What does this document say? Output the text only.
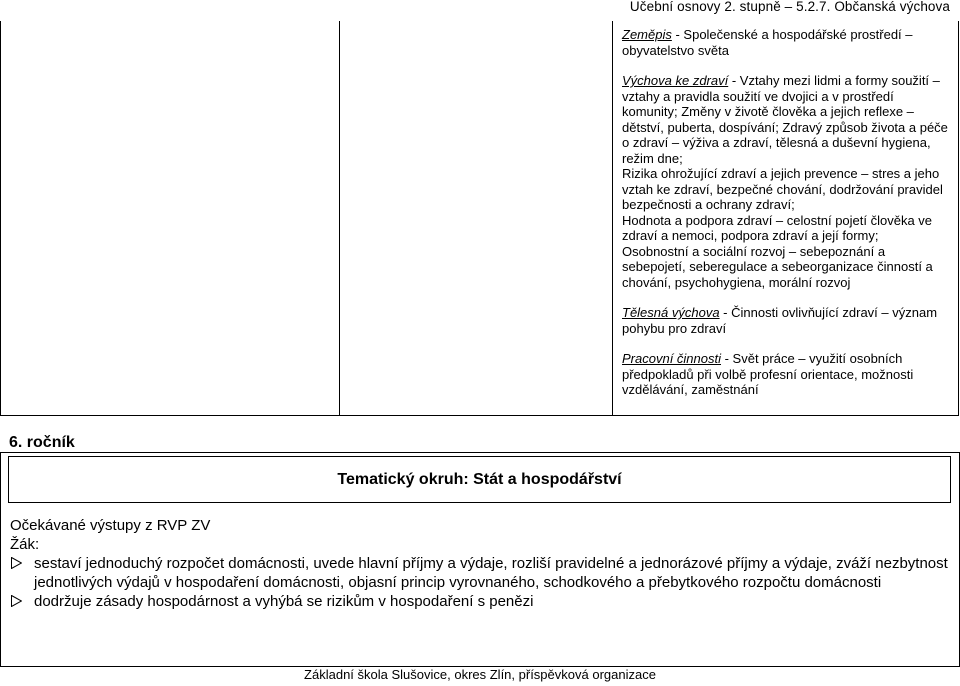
Učební osnovy 2. stupně – 5.2.7. Občanská výchova

Zeměpis - Společenské a hospodářské prostředí – obyvatelstvo světa

Výchova ke zdraví - Vztahy mezi lidmi a formy soužití – vztahy a pravidla soužití ve dvojici a v prostředí komunity; Změny v životě člověka a jejich reflexe – dětství, puberta, dospívání; Zdravý způsob života a péče o zdraví – výživa a zdraví, tělesná a duševní hygiena, režim dne;

Rizika ohrožující zdraví a jejich prevence – stres a jeho vztah ke zdraví, bezpečné chování, dodržování pravidel bezpečnosti a ochrany zdraví;

Hodnota a podpora zdraví – celostní pojetí člověka ve zdraví a nemoci, podpora zdraví a její formy;

Osobnostní a sociální rozvoj – sebepoznání a sebepojetí, seberegulace a sebeorganizace činností a chování, psychohygiena, morální rozvoj

Tělesná výchova - Činnosti ovlivňující zdraví – význam pohybu pro zdraví

Pracovní činnosti - Svět práce – využití osobních předpokladů při volbě profesní orientace, možnosti vzdělávání, zaměstnání

6. ročník
Tematický okruh: Stát a hospodářství

Očekávané výstupy z RVP ZV

Žák:

sestaví jednoduchý rozpočet domácnosti, uvede hlavní příjmy a výdaje, rozliší pravidelné a jednorázové příjmy a výdaje, zváží nezbytnost jednotlivých výdajů v hospodaření domácnosti, objasní princip vyrovnaného, schodkového a přebytkového rozpočtu domácnosti
dodržuje zásady hospodárnost a vyhýbá se rizikům v hospodaření s penězi
Základní škola Slušovice, okres Zlín, příspěvková organizace
